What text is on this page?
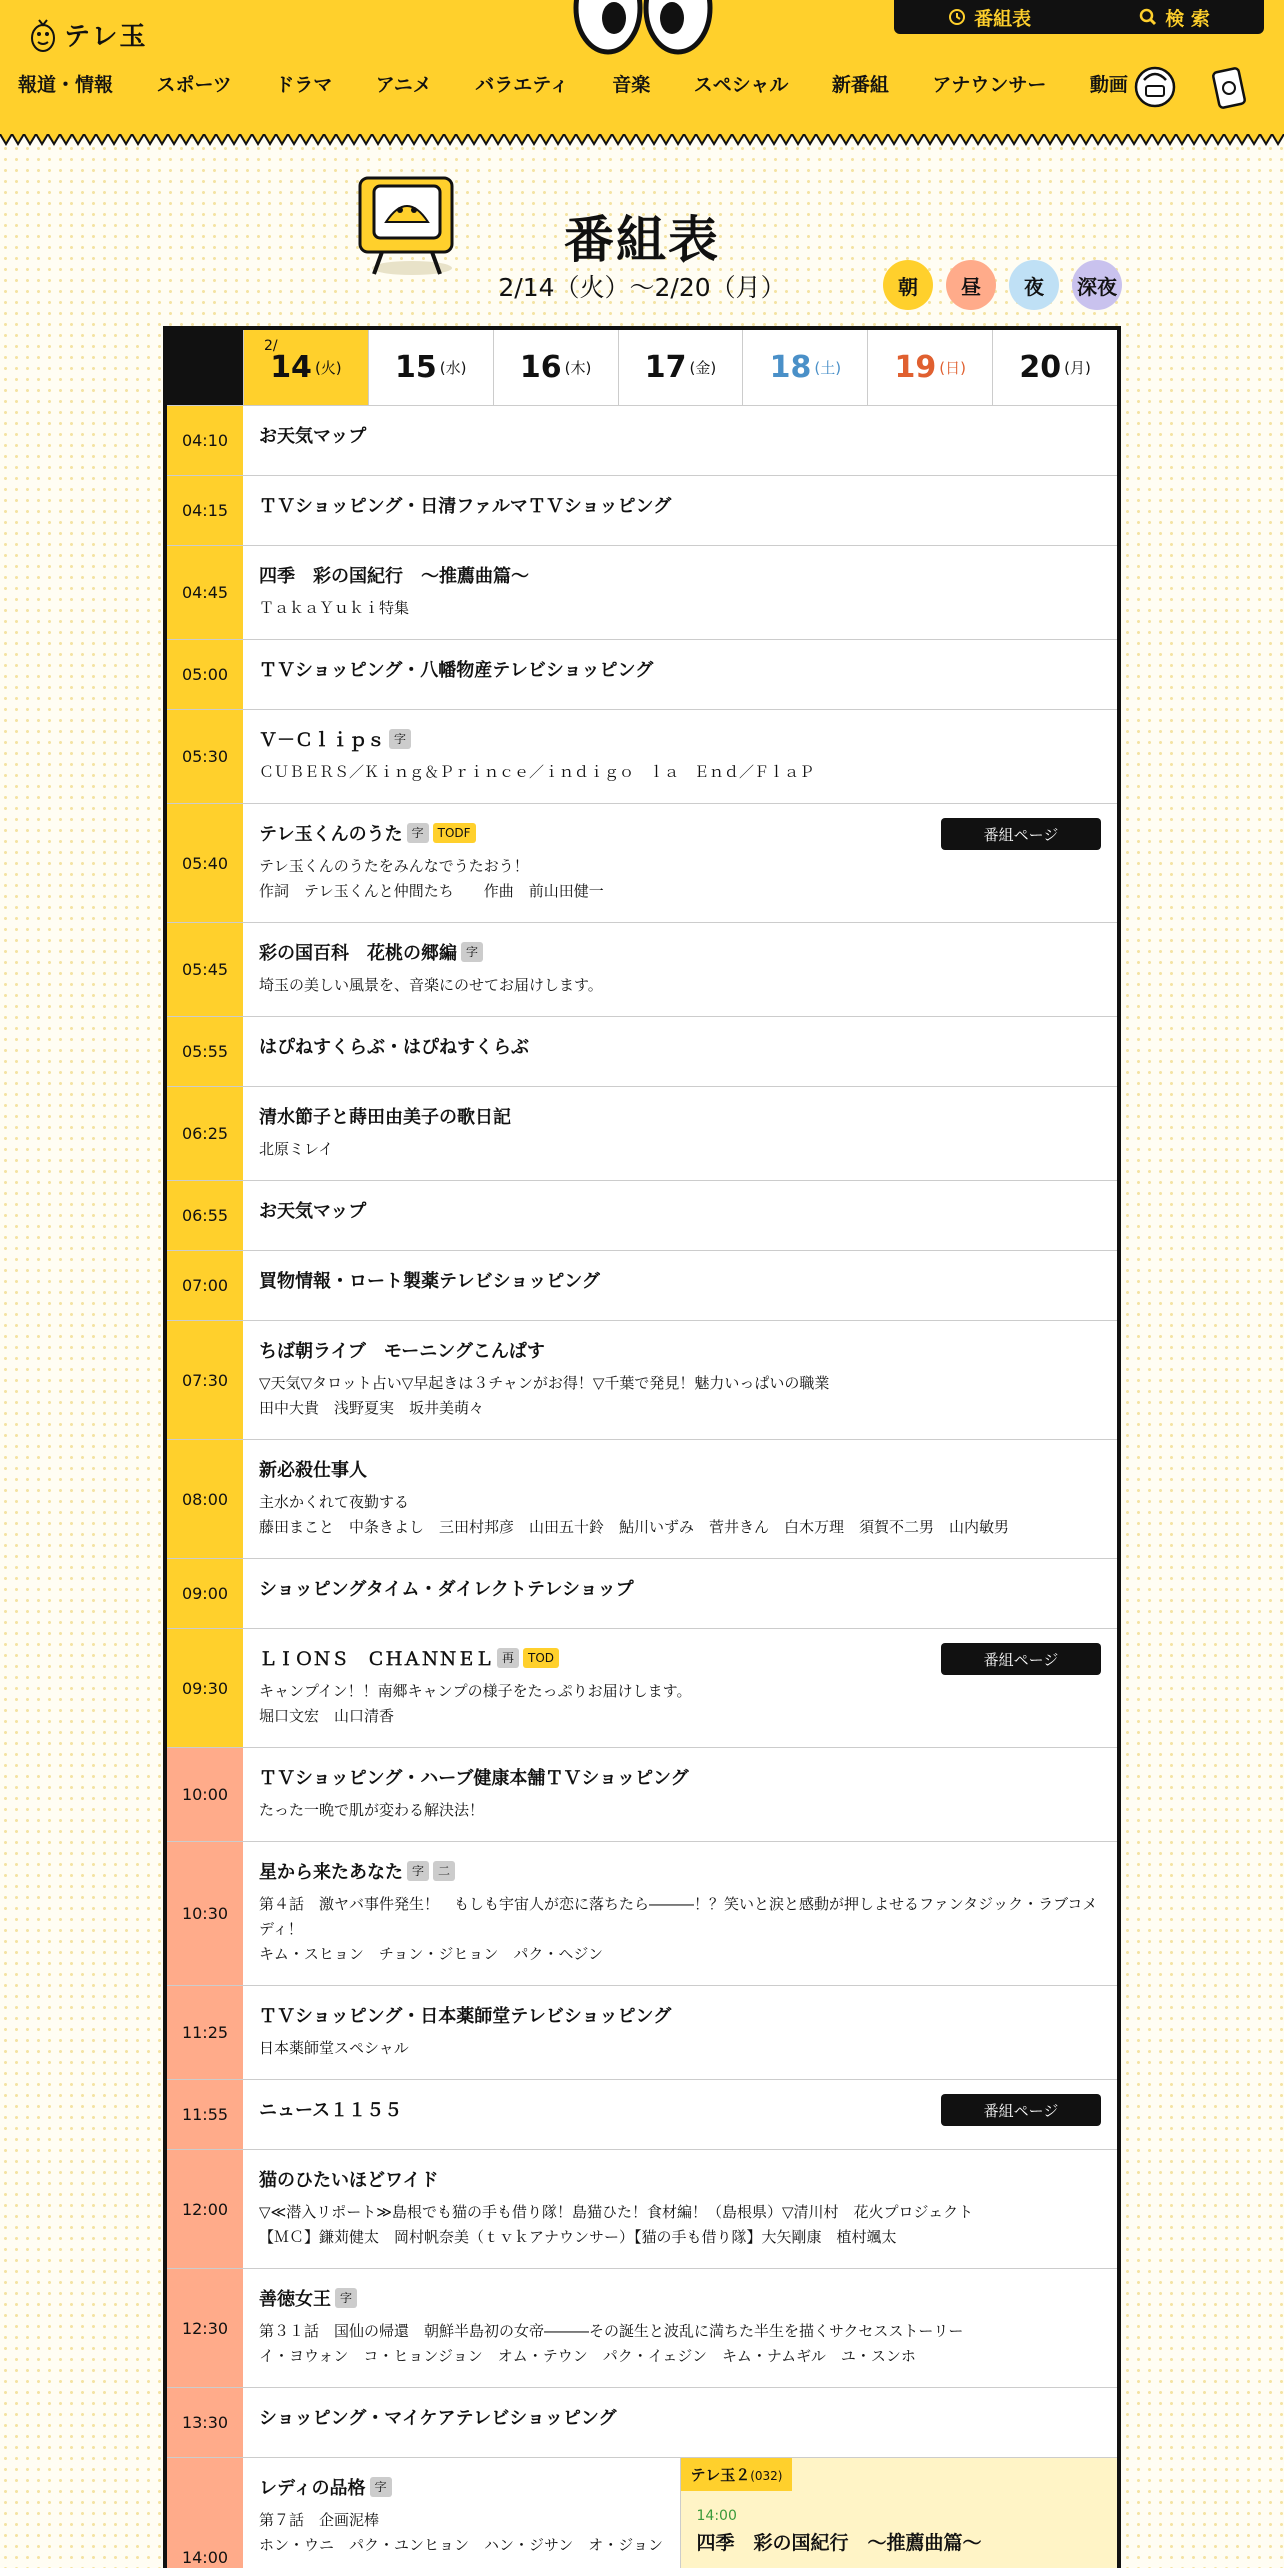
テレ玉
番組表	検 索
報道・情報 スポーツ ドラマ アニメ バラエティ 音楽 スペシャル 新番組 アナウンサー 動画
番組表
2/14（火）〜2/20（月）	朝	昼	夜	深夜
2/
14 (火) 15 (水) 16 (木) 17 (金) 18 (土) 19 (日) 20 (月)
04:10	お天気マップ
04:15	ＴＶショッピング・日清ファルマＴＶショッピング
04:45
四季　彩の国紀行　～推薦曲篇～
ＴａｋａＹｕｋｉ特集
05:00	ＴＶショッピング・八幡物産テレビショッピング
05:30
Ｖ－Ｃｌｉｐｓ 字
ＣＵＢＥＲＳ／Ｋｉｎｇ＆Ｐｒｉｎｃｅ／ｉｎｄｉｇｏ　ｌａ　Ｅｎｄ／ＦｌａＰ
05:40
テレ玉くんのうた 字	TODF
テレ玉くんのうたをみんなでうたおう！
作詞　テレ玉くんと仲間たち　　作曲　前山田健一
番組ページ
05:45
彩の国百科　花桃の郷編 字
埼玉の美しい風景を、音楽にのせてお届けします。
05:55	はぴねすくらぶ・はぴねすくらぶ
06:25
清水節子と蒔田由美子の歌日記
北原ミレイ
06:55	お天気マップ
07:00	買物情報・ロート製薬テレビショッピング
07:30
ちば朝ライブ　モーニングこんぱす
▽天気▽タロット占い▽早起きは３チャンがお得！▽千葉で発見！魅力いっぱいの職業
田中大貴　浅野夏実　坂井美萌々
08:00
新必殺仕事人
主水かくれて夜勤する
藤田まこと　中条きよし　三田村邦彦　山田五十鈴　鮎川いずみ　菅井きん　白木万理　須賀不二男　山内敏男
09:00	ショッピングタイム・ダイレクトテレショップ
09:30
ＬＩＯＮＳ　ＣＨＡＮＮＥＬ 再	TOD
キャンプイン！！南郷キャンプの様子をたっぷりお届けします。
堀口文宏　山口清香
番組ページ
10:00
ＴＶショッピング・ハーブ健康本舗ＴＶショッピング
たった一晩で肌が変わる解決法！
10:30
星から来たあなた 字	二
第４話　激ヤバ事件発生！　もしも宇宙人が恋に落ちたら―――！？笑いと涙と感動が押しよせるファンタジック・ラブコメディ！
キム・スヒョン　チョン・ジヒョン　パク・ヘジン
11:25
ＴＶショッピング・日本薬師堂テレビショッピング
日本薬師堂スペシャル
11:55	ニュース１１５５	番組ページ
12:00
猫のひたいほどワイド
▽≪潜入リポート≫島根でも猫の手も借り隊！島猫ひた！食材編！（島根県）▽清川村　花火プロジェクト
【ＭＣ】鎌苅健太　岡村帆奈美（ｔｖｋアナウンサー）【猫の手も借り隊】大矢剛康　植村颯太
12:30
善徳女王 字
第３１話　国仙の帰還　朝鮮半島初の女帝―――その誕生と波乱に満ちた半生を描くサクセスストーリー
イ・ヨウォン　コ・ヒョンジョン　オム・テウン　パク・イェジン　キム・ナムギル　ユ・スンホ
13:30	ショッピング・マイケアテレビショッピング
14:00
レディの品格 字
第７話　企画泥棒
ホン・ウニ　パク・ユンヒョン　ハン・ジサン　オ・ジョン
テレ玉２(032)
14:00
四季　彩の国紀行　～推薦曲篇～
